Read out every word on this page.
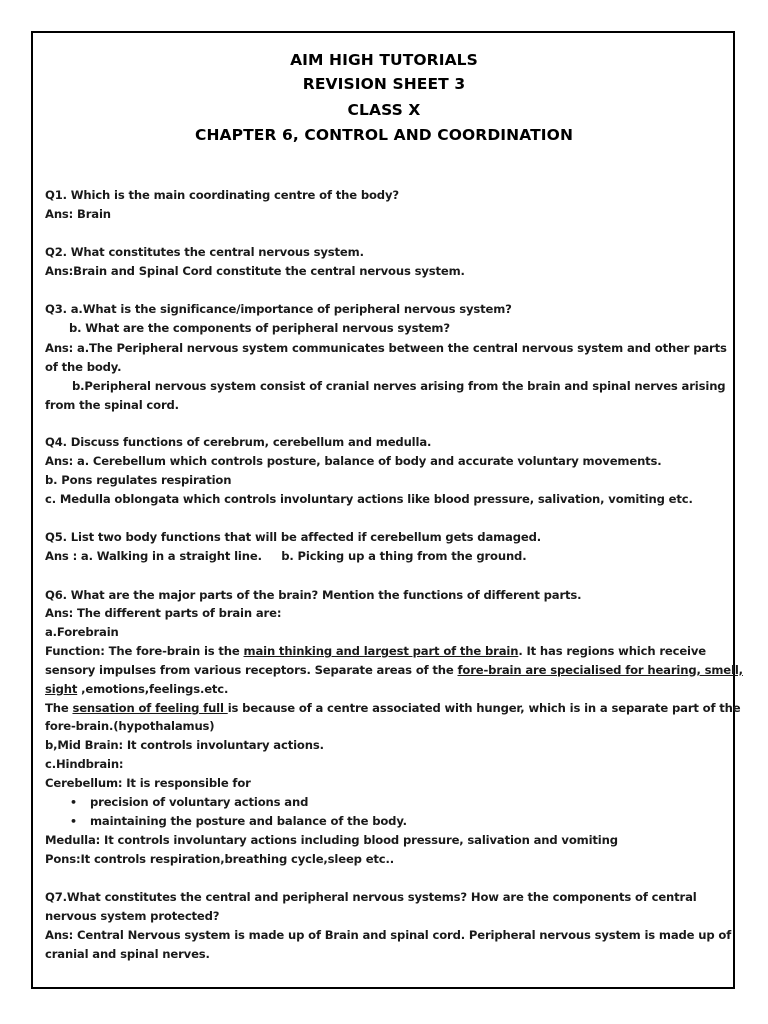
AIM HIGH TUTORIALS
REVISION SHEET 3
CLASS X
CHAPTER 6, CONTROL AND COORDINATION
Q1. Which is the main coordinating centre of the body?
Ans: Brain
Q2. What constitutes the central nervous system.
Ans:Brain and Spinal Cord constitute the central nervous system.
Q3. a.What is the significance/importance of peripheral nervous system?
b. What are the components of peripheral nervous system?
Ans: a.The Peripheral nervous system communicates between the central nervous system and other parts
of the body.
b.Peripheral nervous system consist of cranial nerves arising from the brain and spinal nerves arising
from the spinal cord.
Q4. Discuss functions of cerebrum, cerebellum and medulla.
Ans: a. Cerebellum which controls posture, balance of body and accurate voluntary movements.
b. Pons regulates respiration
c. Medulla oblongata which controls involuntary actions like blood pressure, salivation, vomiting etc.
Q5. List two body functions that will be affected if cerebellum gets damaged.
Ans : a. Walking in a straight line.     b. Picking up a thing from the ground.
Q6. What are the major parts of the brain? Mention the functions of different parts.
Ans: The different parts of brain are:
a.Forebrain
Function: The fore-brain is the main thinking and largest part of the brain. It has regions which receive
sensory impulses from various receptors. Separate areas of the fore-brain are specialised for hearing, smell,
sight ,emotions,feelings.etc.
The sensation of feeling full is because of a centre associated with hunger, which is in a separate part of the
fore-brain.(hypothalamus)
b,Mid Brain: It controls involuntary actions.
c.Hindbrain:
Cerebellum: It is responsible for
• precision of voluntary actions and
• maintaining the posture and balance of the body.
Medulla: It controls involuntary actions including blood pressure, salivation and vomiting
Pons:It controls respiration,breathing cycle,sleep etc..
Q7.What constitutes the central and peripheral nervous systems? How are the components of central
nervous system protected?
Ans: Central Nervous system is made up of Brain and spinal cord. Peripheral nervous system is made up of
cranial and spinal nerves.
